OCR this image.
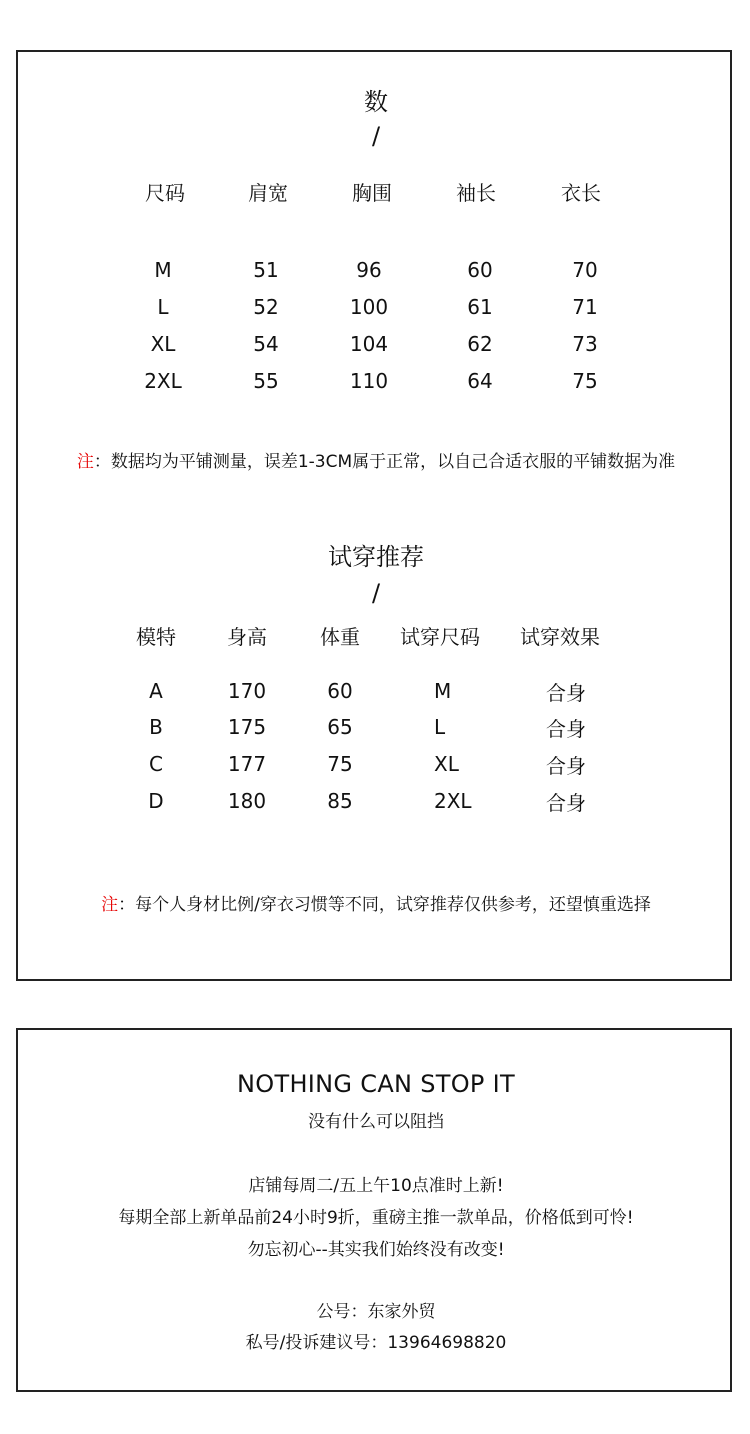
数
/
尺码	肩宽	胸围	袖长	衣长
M	51	96	60	70
L	52	100	61	71
XL	54	104	62	73
2XL	55	110	64	75
注：数据均为平铺测量，误差1-3CM属于正常，以自己合适衣服的平铺数据为准
试穿推荐
/
模特	身高	体重	试穿尺码	试穿效果
A	170	60	M	合身
B	175	65	L	合身
C	177	75	XL	合身
D	180	85	2XL	合身
注：每个人身材比例/穿衣习惯等不同，试穿推荐仅供参考，还望慎重选择
NOTHING CAN STOP IT
没有什么可以阻挡
店铺每周二/五上午10点准时上新!
每期全部上新单品前24小时9折，重磅主推一款单品，价格低到可怜!
勿忘初心--其实我们始终没有改变!
公号：东家外贸
私号/投诉建议号：13964698820
